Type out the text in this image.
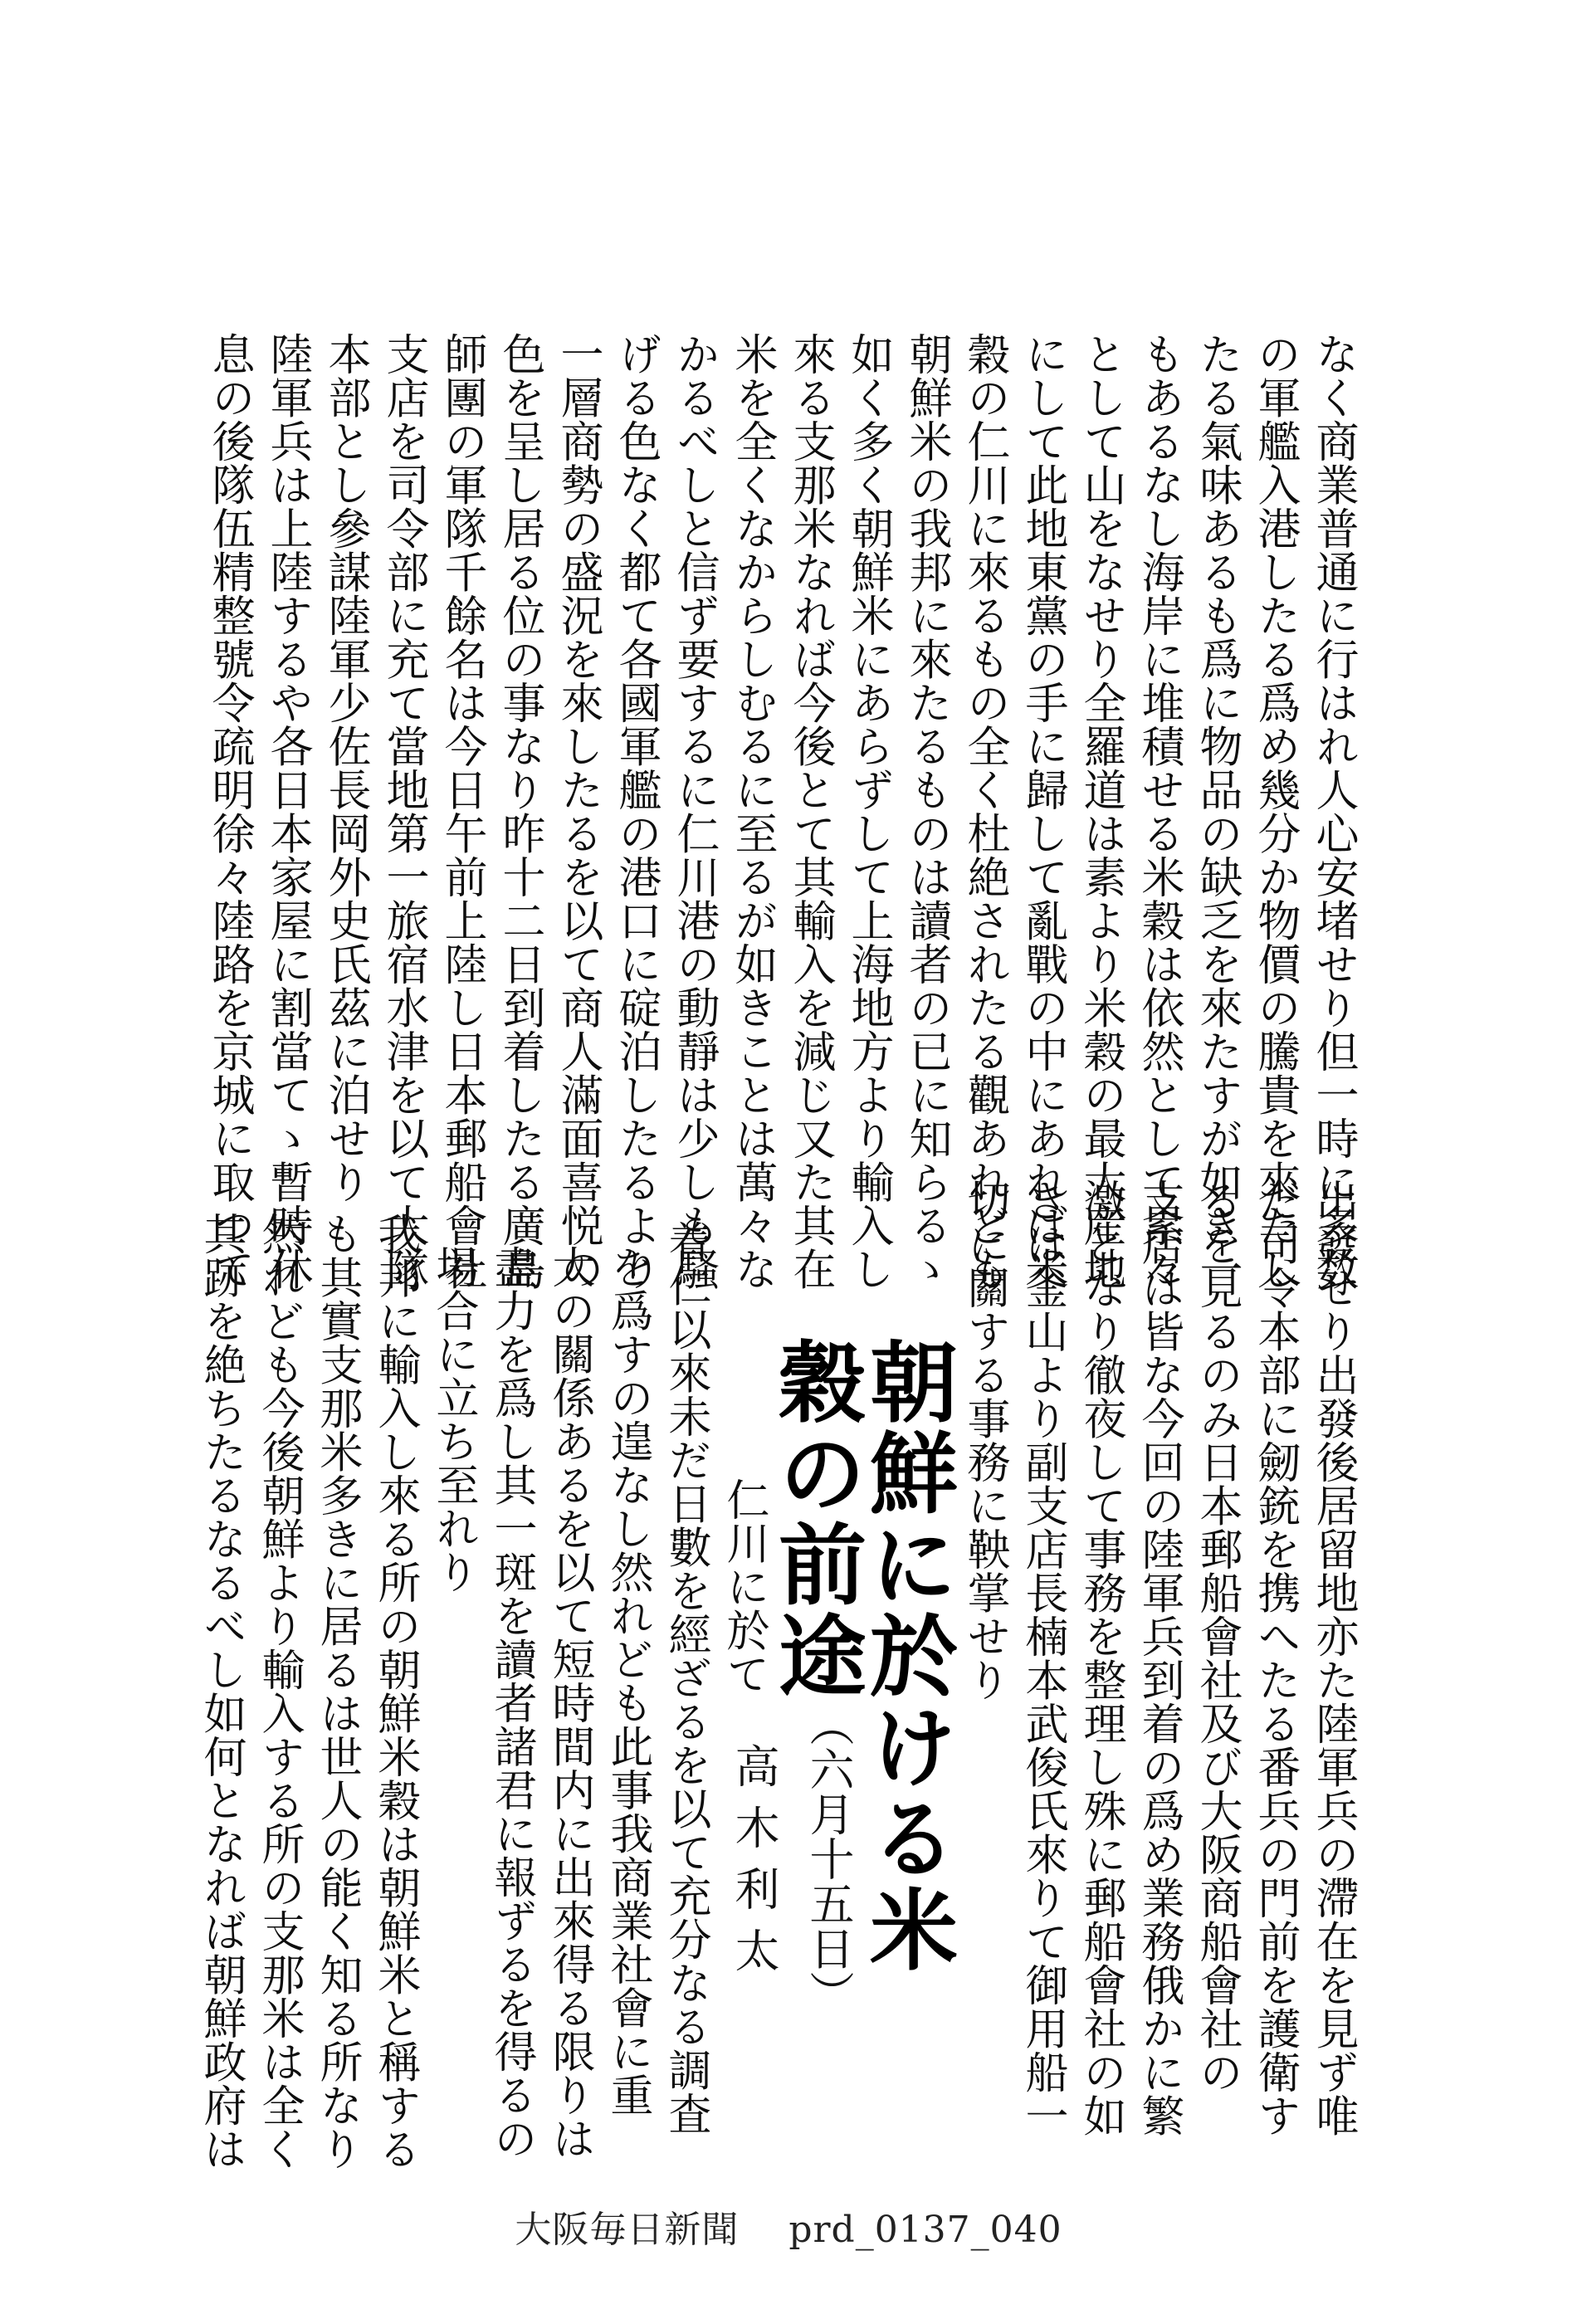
なく商業普通に行はれ人心安堵せり但一時に多数
の軍艦入港したる爲め幾分か物價の騰貴を來たし
たる氣味あるも爲に物品の缺乏を來たすが如き一
もあるなし海岸に堆積せる米穀は依然として累々
として山をなせり全羅道は素より米穀の最大産地
にして此地東黨の手に歸して亂戰の中にあれば米
穀の仁川に來るもの全く杜絶されたる觀あれども
朝鮮米の我邦に來たるものは讀者の已に知らるゝ
如く多く朝鮮米にあらずして上海地方より輸入し
來る支那米なれば今後とて其輸入を減じ又た其在
米を全くなからしむるに至るが如きことは萬々な
かるべしと信ず要するに仁川港の動靜は少しも騷
げる色なく都て各國軍艦の港口に碇泊したるより
一層商勢の盛況を來したるを以て商人滿面喜悦の
色を呈し居る位の事なり昨十二日到着したる廣島
師團の軍隊千餘名は今日午前上陸し日本郵船會社
支店を司令部に充て當地第一旅宿水津を以て大隊
本部とし參謀陸軍少佐長岡外史氏茲に泊せり
陸軍兵は上陸するや各日本家屋に割當てゝ暫時休
息の後隊伍精整號令疏明徐々陸路を京城に取つて
出發せり出發後居留地亦た陸軍兵の滯在を見ず唯
だ司令本部に劒銃を携へたる番兵の門前を護衛す
るを見るのみ日本郵船會社及び大阪商船會社の
支店は皆な今回の陸軍兵到着の爲め業務俄かに繁
激となり徹夜して事務を整理し殊に郵船會社の如
きは釜山より副支店長楠本武俊氏來りて御用船一
切に關する事務に鞅掌せり
朝鮮に於ける米
穀の前途
（六月十五日）
仁川に於て
高木利太
着仁以來未だ日數を經ざるを以て充分なる調査
を爲すの遑なし然れども此事我商業社會に重
大の關係あるを以て短時間内に出來得る限りは
盡力を爲し其一斑を讀者諸君に報ずるを得るの
場合に立ち至れり
我邦に輸入し來る所の朝鮮米穀は朝鮮米と稱する
も其實支那米多きに居るは世人の能く知る所なり
然れども今後朝鮮より輸入する所の支那米は全く
其跡を絶ちたるなるべし如何となれば朝鮮政府は
大阪毎日新聞　 prd_0137_040
